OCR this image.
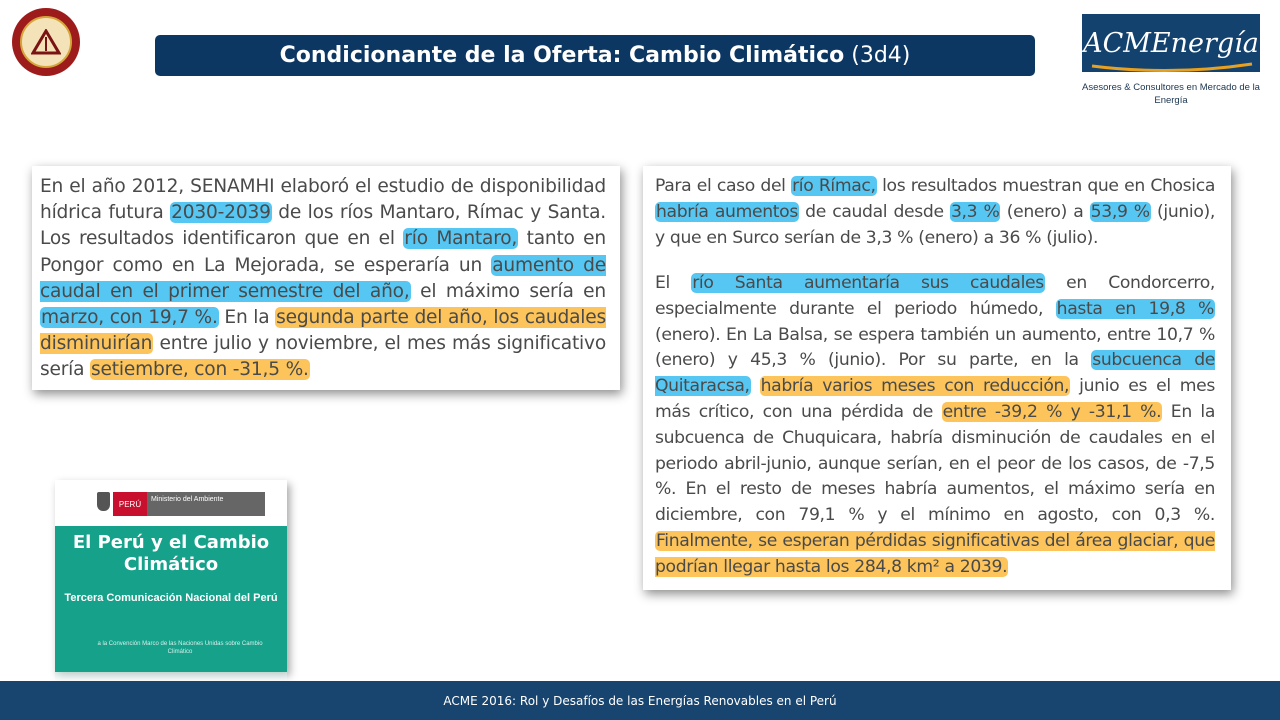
Condicionante de la Oferta: Cambio Climático
(3d4)	ACMEnergía
Asesores & Consultores en Mercado de la Energía

En el año 2012, SENAMHI elaboró el estudio de disponibilidad hídrica futura 2030-2039 de los ríos Mantaro, Rímac y Santa. Los resultados identificaron que en el río Mantaro, tanto en Pongor como en La Mejorada, se esperaría un aumento de caudal en el primer semestre del año, el máximo sería en marzo, con 19,7 %. En la segunda parte del año, los caudales disminuirían entre julio y noviembre, el mes más significativo sería setiembre, con -31,5 %.

Para el caso del río Rímac, los resultados muestran que en Chosica habría aumentos de caudal desde 3,3 % (enero) a 53,9 % (junio), y que en Surco serían de 3,3 % (enero) a 36 % (julio).

El río Santa aumentaría sus caudales en Condorcerro, especialmente durante el periodo húmedo, hasta en 19,8 % (enero). En La Balsa, se espera también un aumento, entre 10,7 % (enero) y 45,3 % (junio). Por su parte, en la subcuenca de Quitaracsa, habría varios meses con reducción, junio es el mes más crítico, con una pérdida de entre -39,2 % y -31,1 %. En la subcuenca de Chuquicara, habría disminución de caudales en el periodo abril-junio, aunque serían, en el peor de los casos, de -7,5 %. En el resto de meses habría aumentos, el máximo sería en diciembre, con 79,1 % y el mínimo en agosto, con 0,3 %. Finalmente, se esperan pérdidas significativas del área glaciar, que podrían llegar hasta los 284,8 km² a 2039.

PERÚ	Ministerio del Ambiente
El Perú y el Cambio Climático
Tercera Comunicación Nacional del Perú
a la Convención Marco de las Naciones Unidas sobre Cambio Climático
ACME 2016: Rol y Desafíos de las Energías Renovables en el Perú
